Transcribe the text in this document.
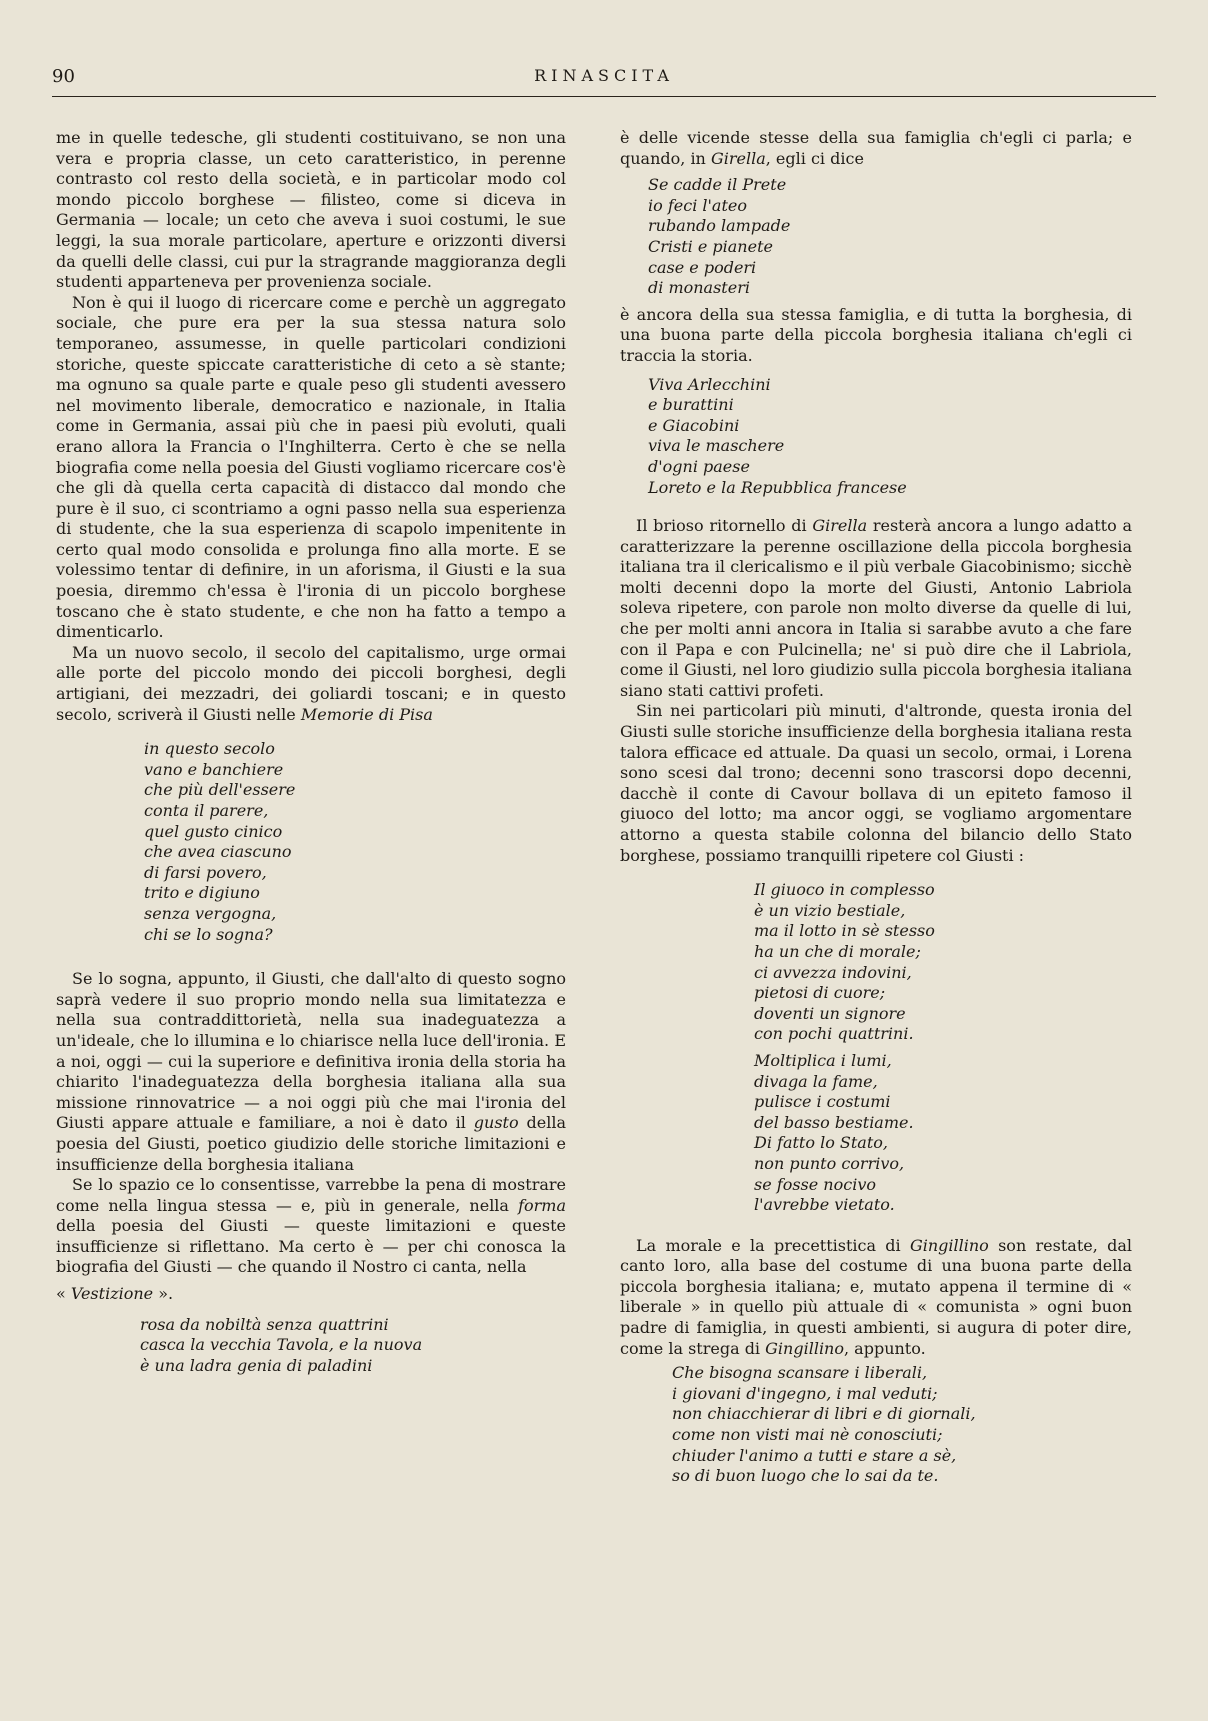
90	RINASCITA

me in quelle tedesche, gli studenti costituivano, se non una vera e propria classe, un ceto caratteristico, in perenne contrasto col resto della società, e in particolar modo col mondo piccolo borghese — filisteo, come si diceva in Germania — locale; un ceto che aveva i suoi costumi, le sue leggi, la sua morale particolare, aperture e orizzonti diversi da quelli delle classi, cui pur la stragrande maggioranza degli studenti apparteneva per provenienza sociale.

Non è qui il luogo di ricercare come e perchè un aggregato sociale, che pure era per la sua stessa natura solo temporaneo, assumesse, in quelle particolari condizioni storiche, queste spiccate caratteristiche di ceto a sè stante; ma ognuno sa quale parte e quale peso gli studenti avessero nel movimento liberale, democratico e nazionale, in Italia come in Germania, assai più che in paesi più evoluti, quali erano allora la Francia o l'Inghilterra. Certo è che se nella biografia come nella poesia del Giusti vogliamo ricercare cos'è che gli dà quella certa capacità di distacco dal mondo che pure è il suo, ci scontriamo a ogni passo nella sua esperienza di studente, che la sua esperienza di scapolo impenitente in certo qual modo consolida e prolunga fino alla morte. E se volessimo tentar di definire, in un aforisma, il Giusti e la sua poesia, diremmo ch'essa è l'ironia di un piccolo borghese toscano che è stato studente, e che non ha fatto a tempo a dimenticarlo.

Ma un nuovo secolo, il secolo del capitalismo, urge ormai alle porte del piccolo mondo dei piccoli borghesi, degli artigiani, dei mezzadri, dei goliardi toscani; e in questo secolo, scriverà il Giusti nelle Memorie di Pisa

in questo secolo
vano e banchiere
che più dell'essere
conta il parere,
quel gusto cinico
che avea ciascuno
di farsi povero,
trito e digiuno
senza vergogna,
chi se lo sogna?

Se lo sogna, appunto, il Giusti, che dall'alto di questo sogno saprà vedere il suo proprio mondo nella sua limitatezza e nella sua contraddittorietà, nella sua inadeguatezza a un'ideale, che lo illumina e lo chiarisce nella luce dell'ironia. E a noi, oggi — cui la superiore e definitiva ironia della storia ha chiarito l'inadeguatezza della borghesia italiana alla sua missione rinnovatrice — a noi oggi più che mai l'ironia del Giusti appare attuale e familiare, a noi è dato il gusto della poesia del Giusti, poetico giudizio delle storiche limitazioni e insufficienze della borghesia italiana

Se lo spazio ce lo consentisse, varrebbe la pena di mostrare come nella lingua stessa — e, più in generale, nella forma della poesia del Giusti — queste limitazioni e queste insufficienze si riflettano. Ma certo è — per chi conosca la biografia del Giusti — che quando il Nostro ci canta, nella

« Vestizione ».
rosa da nobiltà senza quattrini
casca la vecchia Tavola, e la nuova
è una ladra genia di paladini

è delle vicende stesse della sua famiglia ch'egli ci parla; e quando, in Girella, egli ci dice

Se cadde il Prete
io feci l'ateo
rubando lampade
Cristi e pianete
case e poderi
di monasteri

è ancora della sua stessa famiglia, e di tutta la borghesia, di una buona parte della piccola borghesia italiana ch'egli ci traccia la storia.

Viva Arlecchini
e burattini
e Giacobini
viva le maschere
d'ogni paese
Loreto e la Repubblica francese

Il brioso ritornello di Girella resterà ancora a lungo adatto a caratterizzare la perenne oscillazione della piccola borghesia italiana tra il clericalismo e il più verbale Giacobinismo; sicchè molti decenni dopo la morte del Giusti, Antonio Labriola soleva ripetere, con parole non molto diverse da quelle di lui, che per molti anni ancora in Italia si sarabbe avuto a che fare con il Papa e con Pulcinella; ne' si può dire che il Labriola, come il Giusti, nel loro giudizio sulla piccola borghesia italiana siano stati cattivi profeti.

Sin nei particolari più minuti, d'altronde, questa ironia del Giusti sulle storiche insufficienze della borghesia italiana resta talora efficace ed attuale. Da quasi un secolo, ormai, i Lorena sono scesi dal trono; decenni sono trascorsi dopo decenni, dacchè il conte di Cavour bollava di un epiteto famoso il giuoco del lotto; ma ancor oggi, se vogliamo argomentare attorno a questa stabile colonna del bilancio dello Stato borghese, possiamo tranquilli ripetere col Giusti :

Il giuoco in complesso
è un vizio bestiale,
ma il lotto in sè stesso
ha un che di morale;
ci avvezza indovini,
pietosi di cuore;
doventi un signore
con pochi quattrini.
Moltiplica i lumi,
divaga la fame,
pulisce i costumi
del basso bestiame.
Di fatto lo Stato,
non punto corrivo,
se fosse nocivo
l'avrebbe vietato.

La morale e la precettistica di Gingillino son restate, dal canto loro, alla base del costume di una buona parte della piccola borghesia italiana; e, mutato appena il termine di « liberale » in quello più attuale di « comunista » ogni buon padre di famiglia, in questi ambienti, si augura di poter dire, come la strega di Gingillino, appunto.

Che bisogna scansare i liberali,
i giovani d'ingegno, i mal veduti;
non chiacchierar di libri e di giornali,
come non visti mai nè conosciuti;
chiuder l'animo a tutti e stare a sè,
so di buon luogo che lo sai da te.
